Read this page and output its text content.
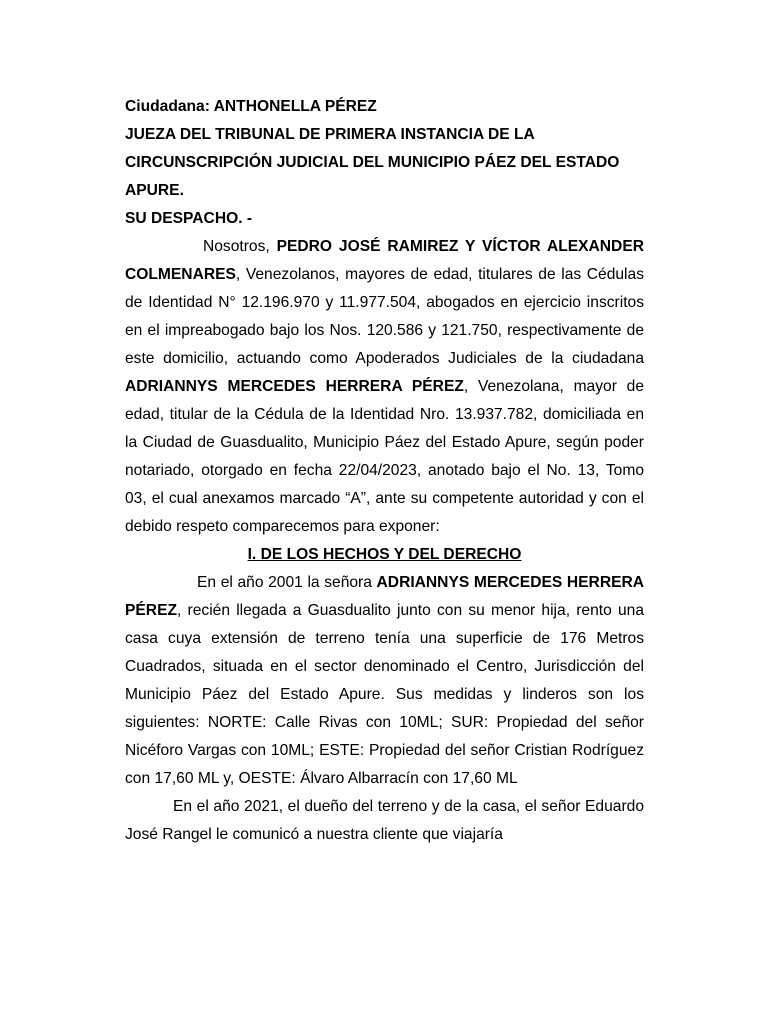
Ciudadana: ANTHONELLA PÉREZ

JUEZA DEL TRIBUNAL DE PRIMERA INSTANCIA DE LA CIRCUNSCRIPCIÓN JUDICIAL DEL MUNICIPIO PÁEZ DEL ESTADO APURE.

SU DESPACHO. -

Nosotros, PEDRO JOSÉ RAMIREZ Y VÍCTOR ALEXANDER COLMENARES, Venezolanos, mayores de edad, titulares de las Cédulas de Identidad N° 12.196.970 y 11.977.504, abogados en ejercicio inscritos en el impreabogado bajo los Nos. 120.586 y 121.750, respectivamente de este domicilio, actuando como Apoderados Judiciales de la ciudadana ADRIANNYS MERCEDES HERRERA PÉREZ, Venezolana, mayor de edad, titular de la Cédula de la Identidad Nro. 13.937.782, domiciliada en la Ciudad de Guasdualito, Municipio Páez del Estado Apure, según poder notariado, otorgado en fecha 22/04/2023, anotado bajo el No. 13, Tomo 03, el cual anexamos marcado “A”, ante su competente autoridad y con el debido respeto comparecemos para exponer:

I. DE LOS HECHOS Y DEL DERECHO

En el año 2001 la señora ADRIANNYS MERCEDES HERRERA PÉREZ, recién llegada a Guasdualito junto con su menor hija, rento una casa cuya extensión de terreno tenía una superficie de 176 Metros Cuadrados, situada en el sector denominado el Centro, Jurisdicción del Municipio Páez del Estado Apure. Sus medidas y linderos son los siguientes: NORTE: Calle Rivas con 10ML; SUR: Propiedad del señor Nicéforo Vargas con 10ML; ESTE: Propiedad del señor Cristian Rodríguez con 17,60 ML y, OESTE: Álvaro Albarracín con 17,60 ML

En el año 2021, el dueño del terreno y de la casa, el señor Eduardo José Rangel le comunicó a nuestra cliente que viajaría
